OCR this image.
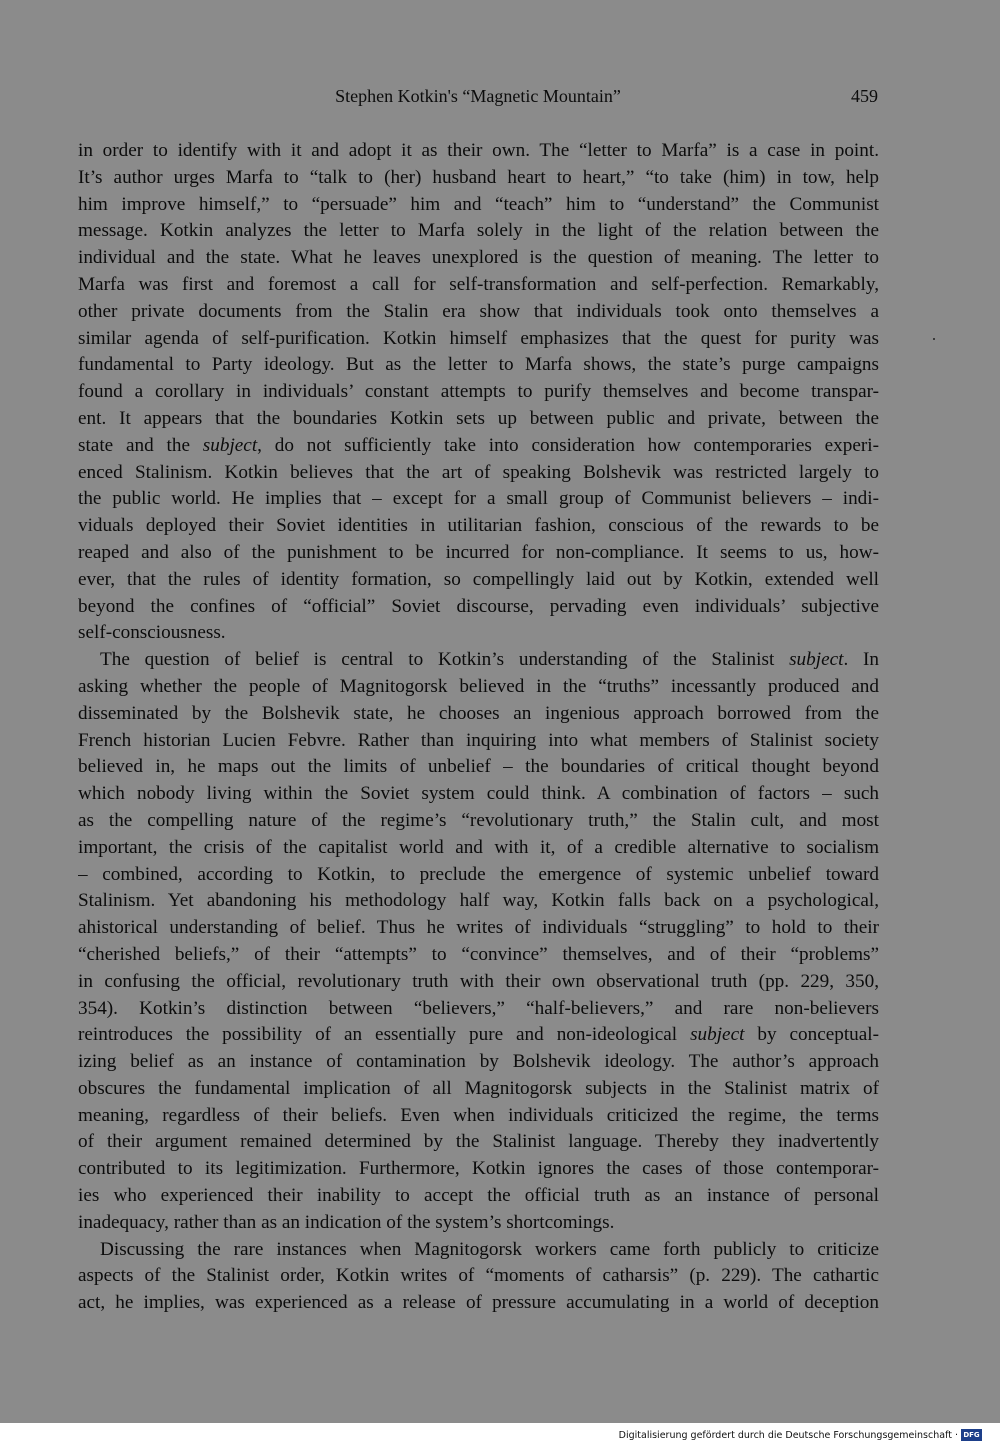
Stephen Kotkin's “Magnetic Mountain”	459
in order to identify with it and adopt it as their own. The “letter to Marfa” is a case in point.
It’s author urges Marfa to “talk to (her) husband heart to heart,” “to take (him) in tow, help
him improve himself,” to “persuade” him and “teach” him to “understand” the Communist
message. Kotkin analyzes the letter to Marfa solely in the light of the relation between the
individual and the state. What he leaves unexplored is the question of meaning. The letter to
Marfa was first and foremost a call for self-transformation and self-perfection. Remarkably,
other private documents from the Stalin era show that individuals took onto themselves a
similar agenda of self-purification. Kotkin himself emphasizes that the quest for purity was
fundamental to Party ideology. But as the letter to Marfa shows, the state’s purge campaigns
found a corollary in individuals’ constant attempts to purify themselves and become transpar-
ent. It appears that the boundaries Kotkin sets up between public and private, between the
state and the subject, do not sufficiently take into consideration how contemporaries experi-
enced Stalinism. Kotkin believes that the art of speaking Bolshevik was restricted largely to
the public world. He implies that – except for a small group of Communist believers – indi-
viduals deployed their Soviet identities in utilitarian fashion, conscious of the rewards to be
reaped and also of the punishment to be incurred for non-compliance. It seems to us, how-
ever, that the rules of identity formation, so compellingly laid out by Kotkin, extended well
beyond the confines of “official” Soviet discourse, pervading even individuals’ subjective
self-consciousness.
The question of belief is central to Kotkin’s understanding of the Stalinist subject. In
asking whether the people of Magnitogorsk believed in the “truths” incessantly produced and
disseminated by the Bolshevik state, he chooses an ingenious approach borrowed from the
French historian Lucien Febvre. Rather than inquiring into what members of Stalinist society
believed in, he maps out the limits of unbelief – the boundaries of critical thought beyond
which nobody living within the Soviet system could think. A combination of factors – such
as the compelling nature of the regime’s “revolutionary truth,” the Stalin cult, and most
important, the crisis of the capitalist world and with it, of a credible alternative to socialism
– combined, according to Kotkin, to preclude the emergence of systemic unbelief toward
Stalinism. Yet abandoning his methodology half way, Kotkin falls back on a psychological,
ahistorical understanding of belief. Thus he writes of individuals “struggling” to hold to their
“cherished beliefs,” of their “attempts” to “convince” themselves, and of their “problems”
in confusing the official, revolutionary truth with their own observational truth (pp. 229, 350,
354). Kotkin’s distinction between “believers,” “half-believers,” and rare non-believers
reintroduces the possibility of an essentially pure and non-ideological subject by conceptual-
izing belief as an instance of contamination by Bolshevik ideology. The author’s approach
obscures the fundamental implication of all Magnitogorsk subjects in the Stalinist matrix of
meaning, regardless of their beliefs. Even when individuals criticized the regime, the terms
of their argument remained determined by the Stalinist language. Thereby they inadvertently
contributed to its legitimization. Furthermore, Kotkin ignores the cases of those contemporar-
ies who experienced their inability to accept the official truth as an instance of personal
inadequacy, rather than as an indication of the system’s shortcomings.
Discussing the rare instances when Magnitogorsk workers came forth publicly to criticize
aspects of the Stalinist order, Kotkin writes of “moments of catharsis” (p. 229). The cathartic
act, he implies, was experienced as a release of pressure accumulating in a world of deception
Digitalisierung gefördert durch die Deutsche Forschungsgemeinschaft · DFG
